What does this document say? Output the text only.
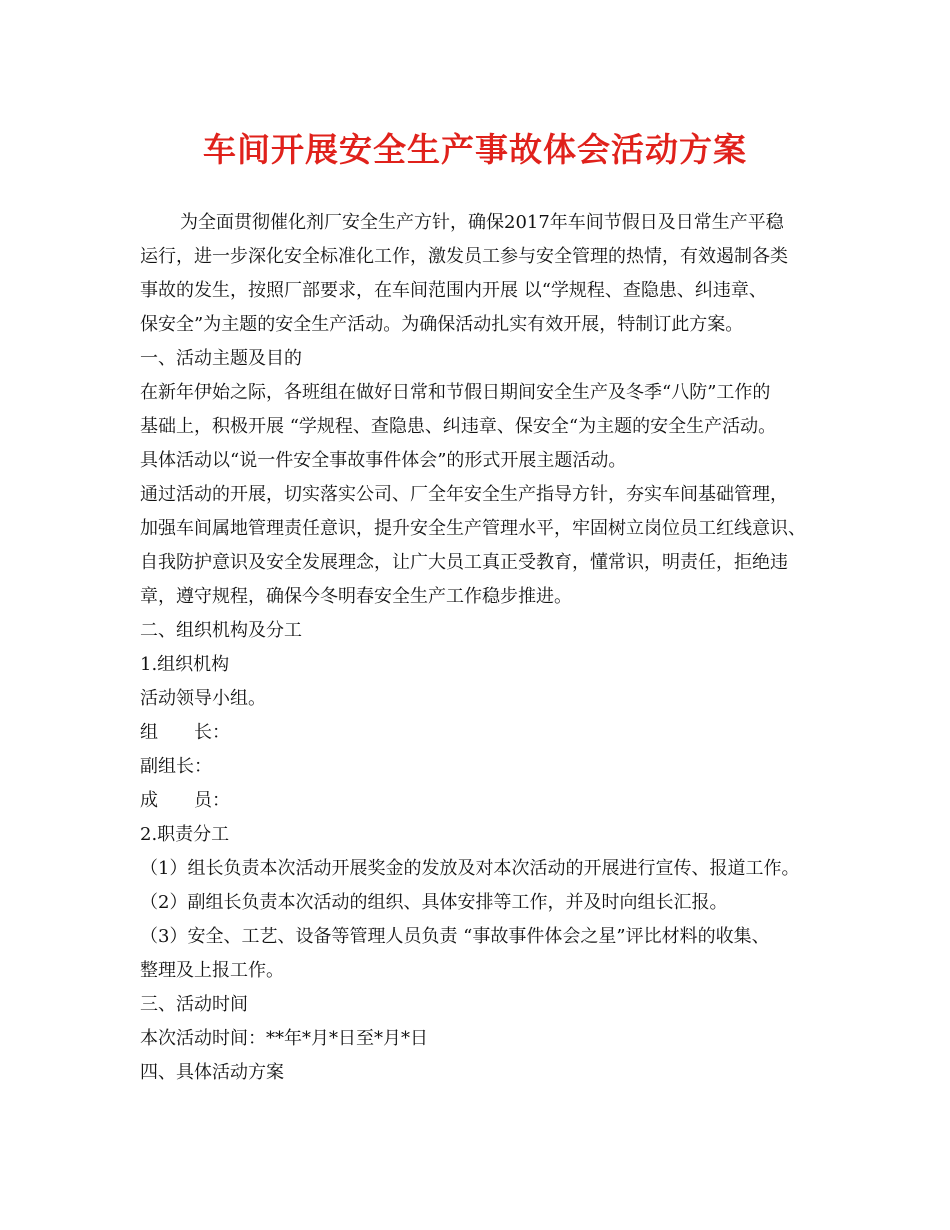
车间开展安全生产事故体会活动方案
为全面贯彻催化剂厂安全生产方针，确保2017年车间节假日及日常生产平稳
运行，进一步深化安全标准化工作，激发员工参与安全管理的热情，有效遏制各类
事故的发生，按照厂部要求，在车间范围内开展 以“学规程、查隐患、纠违章、
保安全”为主题的安全生产活动。为确保活动扎实有效开展，特制订此方案。
一、活动主题及目的
在新年伊始之际，各班组在做好日常和节假日期间安全生产及冬季“八防”工作的
基础上，积极开展 “学规程、查隐患、纠违章、保安全“为主题的安全生产活动。
具体活动以“说一件安全事故事件体会”的形式开展主题活动。
通过活动的开展，切实落实公司、厂全年安全生产指导方针，夯实车间基础管理，
加强车间属地管理责任意识，提升安全生产管理水平，牢固树立岗位员工红线意识、
自我防护意识及安全发展理念，让广大员工真正受教育，懂常识，明责任，拒绝违
章，遵守规程，确保今冬明春安全生产工作稳步推进。
二、组织机构及分工
1.组织机构
活动领导小组。
组　　长：
副组长：
成　　员：
2.职责分工
（1）组长负责本次活动开展奖金的发放及对本次活动的开展进行宣传、报道工作。
（2）副组长负责本次活动的组织、具体安排等工作，并及时向组长汇报。
（3）安全、工艺、设备等管理人员负责 “事故事件体会之星”评比材料的收集、
整理及上报工作。
三、活动时间
本次活动时间：**年*月*日至*月*日
四、具体活动方案
